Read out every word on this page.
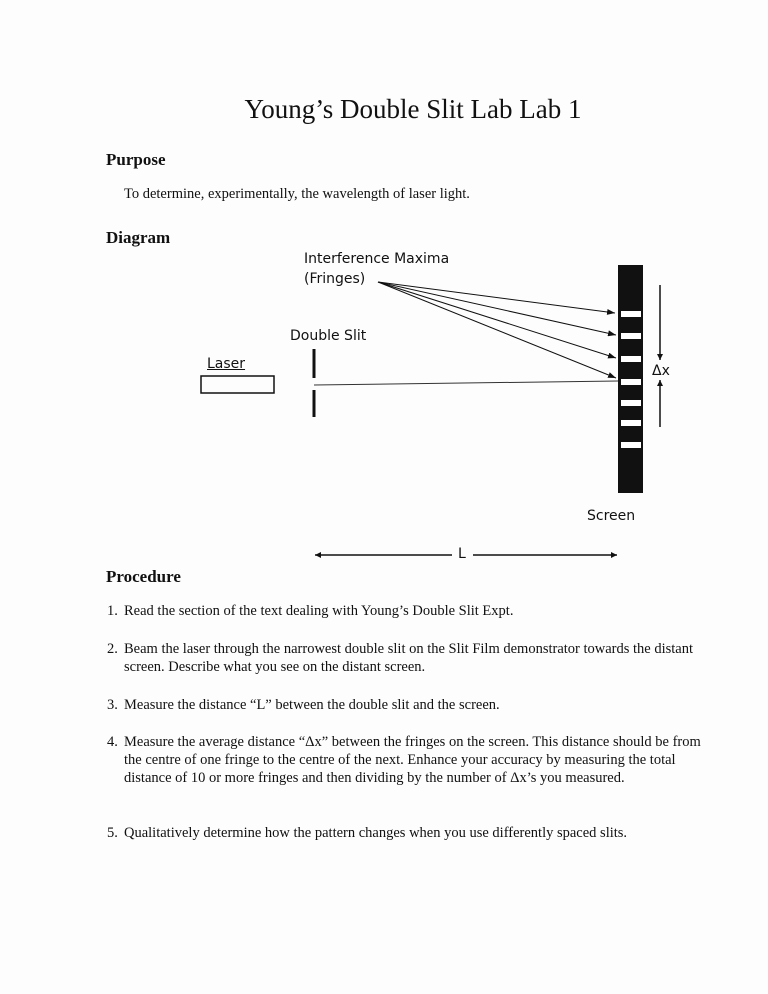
Young’s Double Slit Lab Lab 1
Purpose
To determine, experimentally, the wavelength of laser light.
Diagram
Interference Maxima
(Fringes)
Double Slit
Laser	Δx
Screen
L
Procedure
1. Read the section of the text dealing with Young’s Double Slit Expt.
2. Beam the laser through the narrowest double slit on the Slit Film demonstrator towards the distant screen. Describe what you see on the distant screen.
3. Measure the distance “L” between the double slit and the screen.
4. Measure the average distance “Δx” between the fringes on the screen. This distance should be from the centre of one fringe to the centre of the next. Enhance your accuracy by measuring the total distance of 10 or more fringes and then dividing by the number of Δx’s you measured.
5. Qualitatively determine how the pattern changes when you use differently spaced slits.
